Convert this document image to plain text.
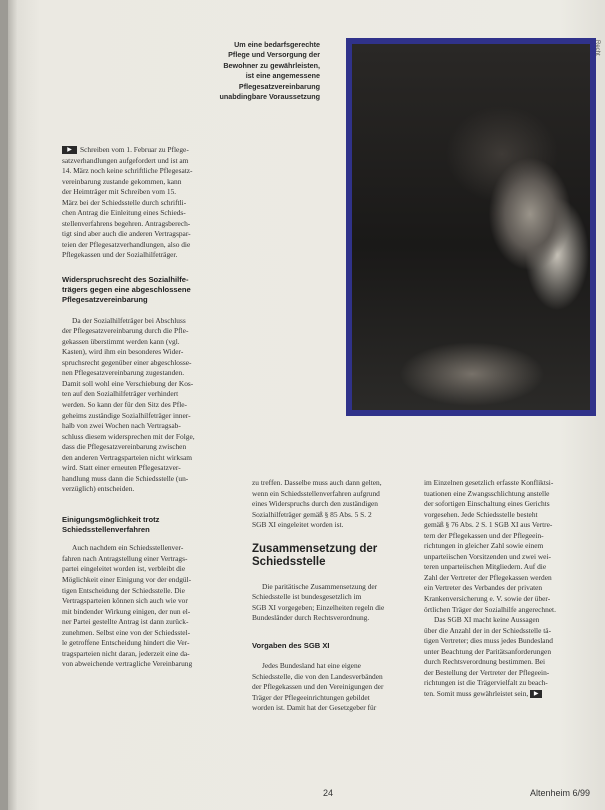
Um eine bedarfsgerechte
Pflege und Versorgung der
Bewohner zu gewährleisten,
ist eine angemessene
Pflegesatzvereinbarung
unabdingbare Voraussetzung
Recht
▶ Schreiben vom 1. Februar zu Pflege-
satzverhandlungen aufgefordert und ist am
14. März noch keine schriftliche Pflegesatz-
vereinbarung zustande gekommen, kann
der Heimträger mit Schreiben vom 15.
März bei der Schiedsstelle durch schriftli-
chen Antrag die Einleitung eines Schieds-
stellenverfahrens begehren. Antragsberech-
tigt sind aber auch die anderen Vertragspar-
teien der Pflegesatzverhandlungen, also die
Pflegekassen und der Sozialhilfeträger.
Widerspruchsrecht des Sozialhilfe-
trägers gegen eine abgeschlossene
Pflegesatzvereinbarung
Da der Sozialhilfeträger bei Abschluss
der Pflegesatzvereinbarung durch die Pfle-
gekassen überstimmt werden kann (vgl.
Kasten), wird ihm ein besonderes Wider-
spruchsrecht gegenüber einer abgeschlosse-
nen Pflegesatzvereinbarung zugestanden.
Damit soll wohl eine Verschiebung der Kos-
ten auf den Sozialhilfeträger verhindert
werden. So kann der für den Sitz des Pfle-
geheims zuständige Sozialhilfeträger inner-
halb von zwei Wochen nach Vertragsab-
schluss diesem widersprechen mit der Folge,
dass die Pflegesatzvereinbarung zwischen
den anderen Vertragsparteien nicht wirksam
wird. Statt einer erneuten Pflegesatzver-
handlung muss dann die Schiedsstelle (un-
verzüglich) entscheiden.
Einigungsmöglichkeit trotz
Schiedsstellenverfahren
Auch nachdem ein Schiedsstellenver-
fahren nach Antragstellung einer Vertrags-
partei eingeleitet worden ist, verbleibt die
Möglichkeit einer Einigung vor der endgül-
tigen Entscheidung der Schiedsstelle. Die
Vertragsparteien können sich auch wie vor
mit bindender Wirkung einigen, der nun el-
ner Partei gestellte Antrag ist dann zurück-
zunehmen. Selbst eine von der Schiedsstel-
le getroffene Entscheidung hindert die Ver-
tragsparteien nicht daran, jederzeit eine da-
von abweichende vertragliche Vereinbarung
zu treffen. Dasselbe muss auch dann gelten,
wenn ein Schiedsstellenverfahren aufgrund
eines Widerspruchs durch den zuständigen
Sozialhilfeträger gemäß § 85 Abs. 5 S. 2
SGB XI eingeleitet worden ist.
Zusammensetzung der
Schiedsstelle
Die paritätische Zusammensetzung der
Schiedsstelle ist bundesgesetzlich im
SGB XI vorgegeben; Einzelheiten regeln die
Bundesländer durch Rechtsverordnung.
Vorgaben des SGB XI
Jedes Bundesland hat eine eigene
Schiedsstelle, die von den Landesverbänden
der Pflegekassen und den Vereinigungen der
Träger der Pflegeeinrichtungen gebildet
worden ist. Damit hat der Gesetzgeber für
im Einzelnen gesetzlich erfasste Konfliktsi-
tuationen eine Zwangsschlichtung anstelle
der sofortigen Einschaltung eines Gerichts
vorgesehen. Jede Schiedsstelle besteht
gemäß § 76 Abs. 2 S. 1 SGB XI aus Vertre-
tern der Pflegekassen und der Pflegeein-
richtungen in gleicher Zahl sowie einem
unparteiischen Vorsitzenden und zwei wei-
teren unparteiischen Mitgliedern. Auf die
Zahl der Vertreter der Pflegekassen werden
ein Vertreter des Verbandes der privaten
Krankenversicherung e. V. sowie der über-
örtlichen Träger der Sozialhilfe angerechnet.
Das SGB XI macht keine Aussagen
über die Anzahl der in der Schiedsstelle tä-
tigen Vertreter; dies muss jedes Bundesland
unter Beachtung der Paritätsanforderungen
durch Rechtsverordnung bestimmen. Bei
der Bestellung der Vertreter der Pflegeein-
richtungen ist die Trägervielfalt zu beach-
ten. Somit muss gewährleistet sein, ▶
24	Altenheim 6/99
